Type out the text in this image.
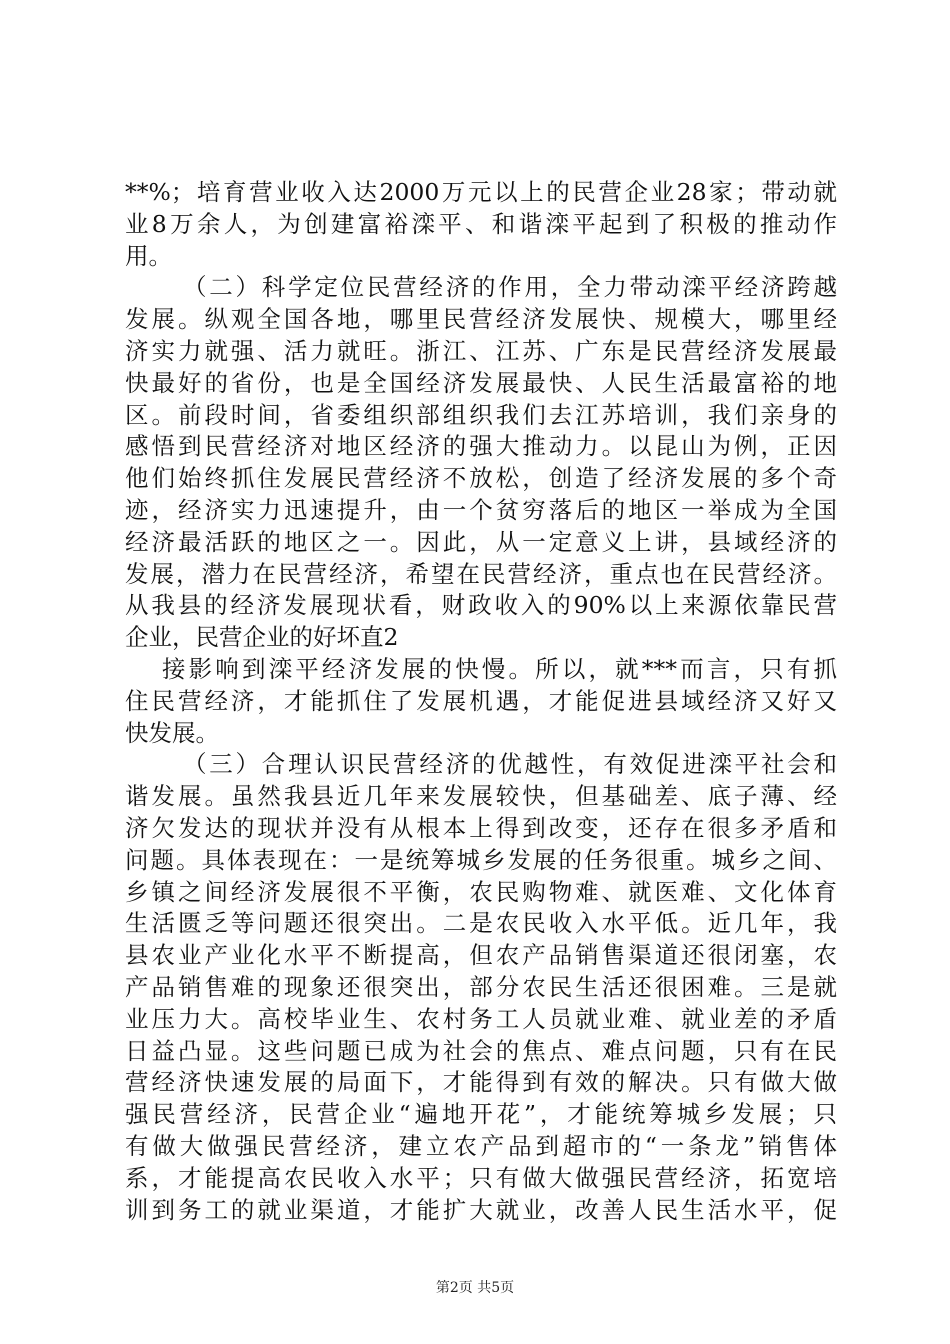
**%；培育营业收入达2000万元以上的民营企业28家；带动就
业8万余人，为创建富裕滦平、和谐滦平起到了积极的推动作
用。
（二）科学定位民营经济的作用，全力带动滦平经济跨越
发展。纵观全国各地，哪里民营经济发展快、规模大，哪里经
济实力就强、活力就旺。浙江、江苏、广东是民营经济发展最
快最好的省份，也是全国经济发展最快、人民生活最富裕的地
区。前段时间，省委组织部组织我们去江苏培训，我们亲身的
感悟到民营经济对地区经济的强大推动力。以昆山为例，正因
他们始终抓住发展民营经济不放松，创造了经济发展的多个奇
迹，经济实力迅速提升，由一个贫穷落后的地区一举成为全国
经济最活跃的地区之一。因此，从一定意义上讲，县域经济的
发展，潜力在民营经济，希望在民营经济，重点也在民营经济。
从我县的经济发展现状看，财政收入的90%以上来源依靠民营
企业，民营企业的好坏直2
接影响到滦平经济发展的快慢。所以，就***而言，只有抓
住民营经济，才能抓住了发展机遇，才能促进县域经济又好又
快发展。
（三）合理认识民营经济的优越性，有效促进滦平社会和
谐发展。虽然我县近几年来发展较快，但基础差、底子薄、经
济欠发达的现状并没有从根本上得到改变，还存在很多矛盾和
问题。具体表现在：一是统筹城乡发展的任务很重。城乡之间、
乡镇之间经济发展很不平衡，农民购物难、就医难、文化体育
生活匮乏等问题还很突出。二是农民收入水平低。近几年，我
县农业产业化水平不断提高，但农产品销售渠道还很闭塞，农
产品销售难的现象还很突出，部分农民生活还很困难。三是就
业压力大。高校毕业生、农村务工人员就业难、就业差的矛盾
日益凸显。这些问题已成为社会的焦点、难点问题，只有在民
营经济快速发展的局面下，才能得到有效的解决。只有做大做
强民营经济，民营企业“遍地开花”，才能统筹城乡发展；只
有做大做强民营经济，建立农产品到超市的“一条龙”销售体
系，才能提高农民收入水平；只有做大做强民营经济，拓宽培
训到务工的就业渠道，才能扩大就业，改善人民生活水平，促
第2页 共5页
